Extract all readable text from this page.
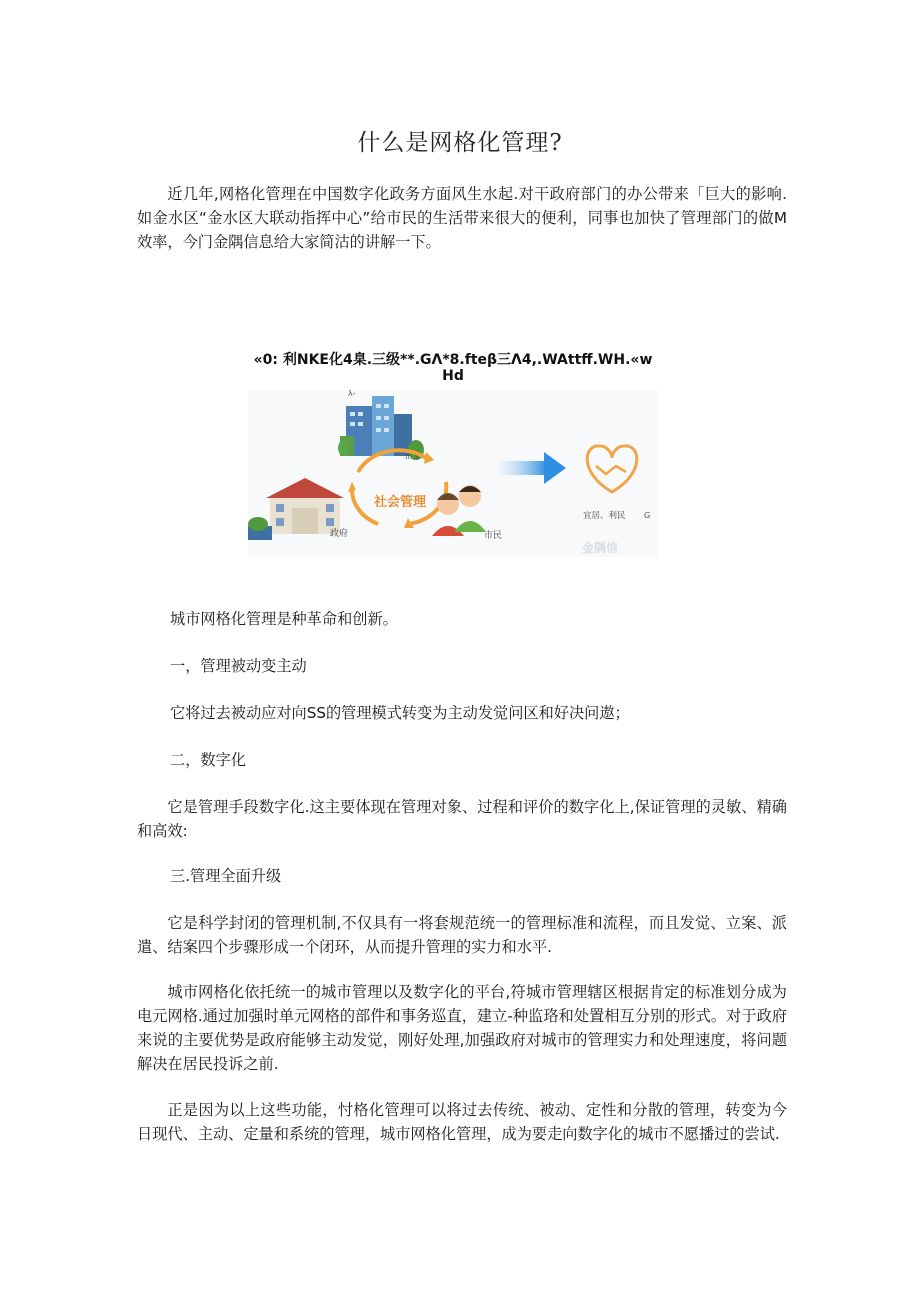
什么是网格化管理?

近几年,网格化管理在中国数字化政务方面风生水起.对干政府部门的办公带来「巨大的影响.如金水区“金水区大联动指挥中心”给市民的生活带来很大的便利，同事也加快了管理部门的做M效率，今门金隅信息给大家简沽的讲解一下。

«0: 利NKE化4臬.三级**.GΛ*8.fteβ三Λ4,.WAttff.WH.«w
Hd
λ-
企业
政府
社会管理
市民
宜居、利民 G
金隅信

城市网格化管理是种革命和创新。

一，管理被动变主动

它将过去被动应对向SS的管理模式转变为主动发觉问区和好决问遨；

二，数字化

它是管理手段数字化.这主要体现在管理对象、过程和评价的数字化上,保证管理的灵敏、精确和高效:

三.管理全面升级

它是科学封闭的管理机制,不仅具有一将套规范统一的管理标准和流程，而且发觉、立案、派遣、结案四个步骤形成一个闭环，从而提升管理的实力和水平.

城市网格化依托统一的城市管理以及数字化的平台,符城市管理辖区根据肯定的标准划分成为电元网格.通过加强时单元网格的部件和事务巡直，建立-种监珞和处置相互分别的形式。对于政府来说的主要优势是政府能够主动发觉，刚好处理,加强政府对城市的管理实力和处理速度，将问题解决在居民投诉之前.

正是因为以上这些功能，忖格化管理可以将过去传统、被动、定性和分散的管理，转变为今日现代、主动、定量和系统的管理，城市网格化管理，成为要走向数字化的城市不愿播过的尝试.
